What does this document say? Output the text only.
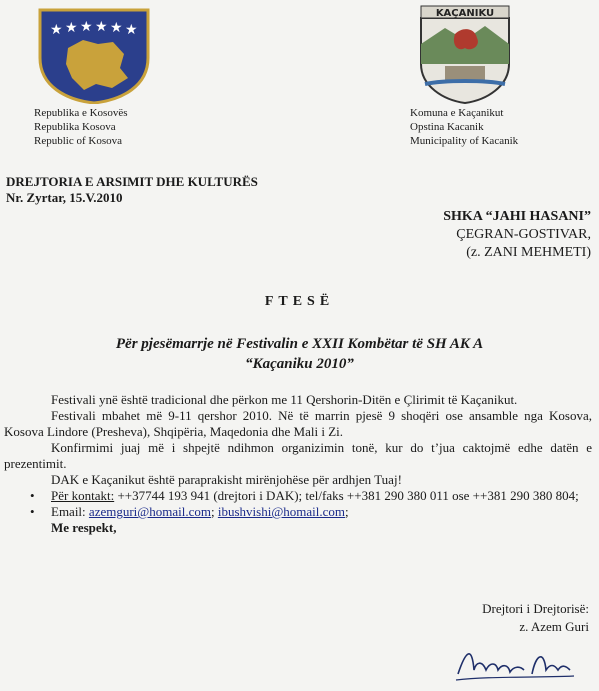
★ ★ ★ ★ ★ ★
Republika e Kosovës
Republika Kosova
Republic of Kosova
KAÇANIKU
Komuna e Kaçanikut
Opstina Kacanik
Municipality of Kacanik
DREJTORIA E ARSIMIT DHE KULTURËS
Nr. Zyrtar, 15.V.2010
SHKA “JAHI HASANI”
ÇEGRAN-GOSTIVAR,
(z. ZANI MEHMETI)
FTESË
Për pjesëmarrje në Festivalin e XXII Kombëtar të SH AK A
“Kaçaniku 2010”

Festivali ynë është tradicional dhe përkon me 11 Qershorin-Ditën e Çlirimit të Kaçanikut.

Festivali mbahet më 9-11 qershor 2010. Në të marrin pjesë 9 shoqëri ose ansamble nga Kosova, Kosova Lindore (Presheva), Shqipëria, Maqedonia dhe Mali i Zi.

Konfirmimi juaj më i shpejtë ndihmon organizimin tonë, kur do t’jua caktojmë edhe datën e prezentimit.

DAK e Kaçanikut është paraprakisht mirënjohëse për ardhjen Tuaj!

• Për kontakt: ++37744 193 941 (drejtori i DAK); tel/faks ++381 290 380 011 ose ++381 290 380 804;
• Email: azemguri@homail.com; ibushvishi@homail.com;
Me respekt,
Drejtori i Drejtorisë:
z. Azem Guri
